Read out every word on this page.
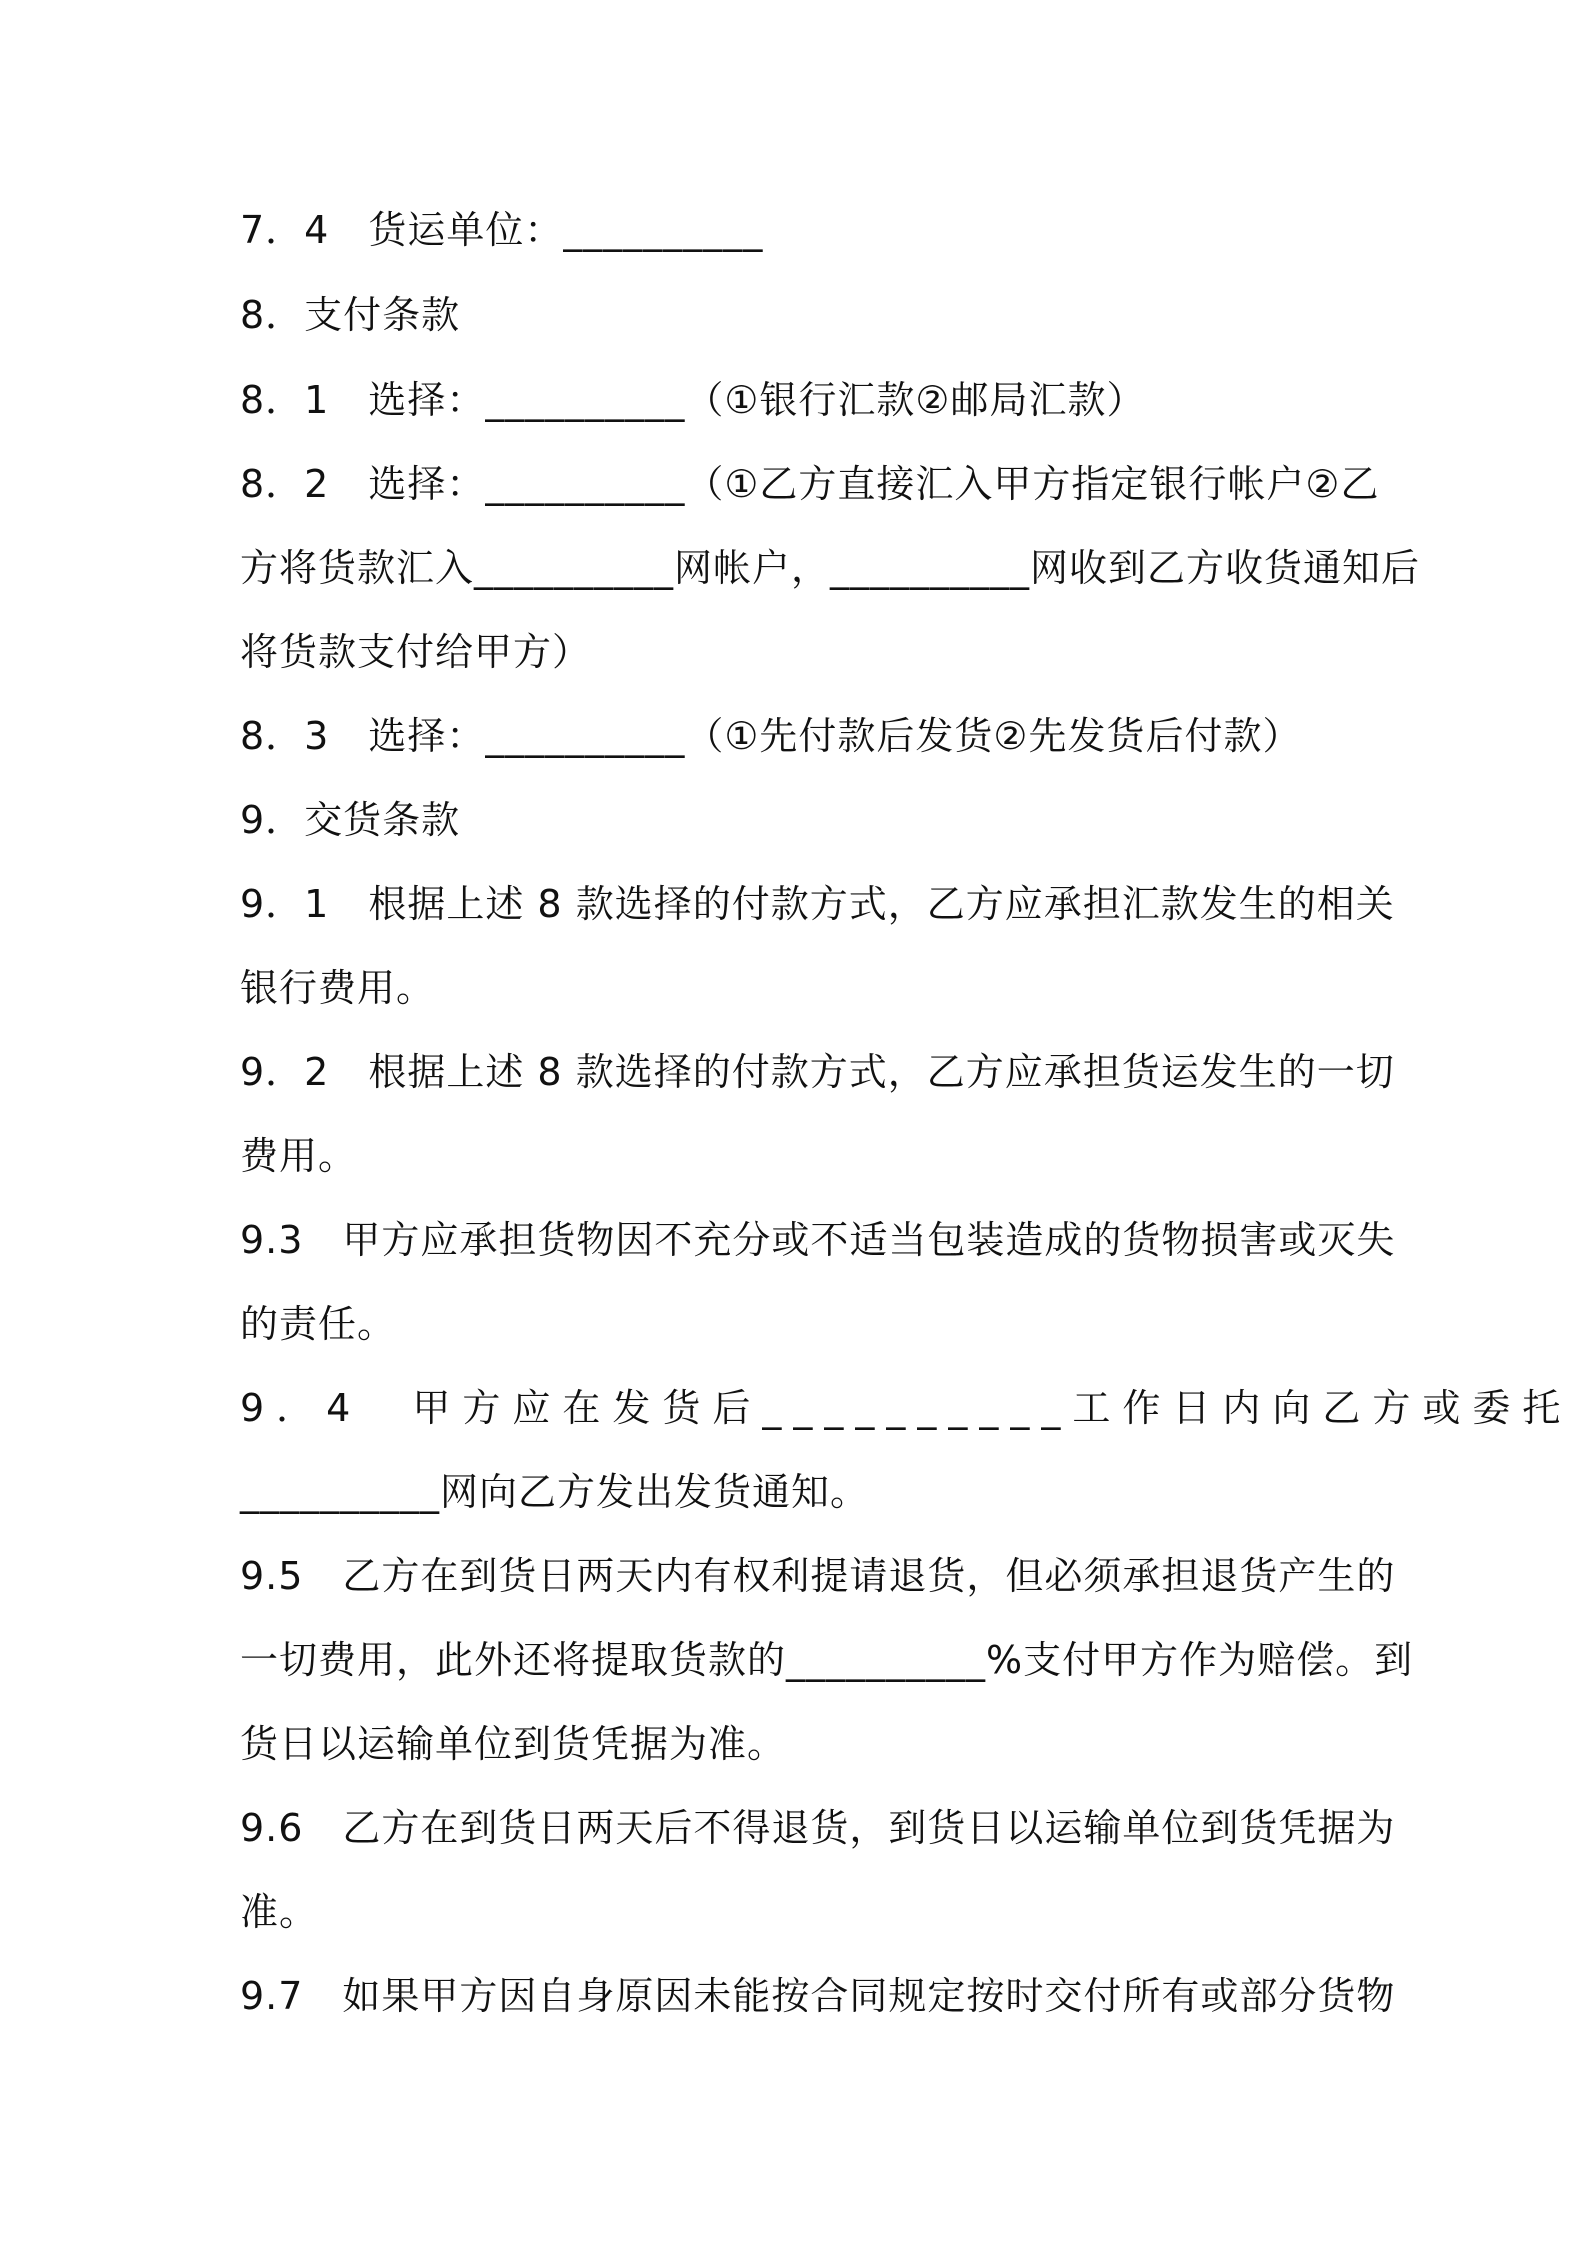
7．4　货运单位：__________
8．支付条款
8．1　选择：__________（①银行汇款②邮局汇款）
8．2　选择：__________（①乙方直接汇入甲方指定银行帐户②乙
方将货款汇入__________网帐户，__________网收到乙方收货通知后
将货款支付给甲方）
8．3　选择：__________（①先付款后发货②先发货后付款）
9．交货条款
9．1　根据上述 8 款选择的付款方式，乙方应承担汇款发生的相关
银行费用。
9．2　根据上述 8 款选择的付款方式，乙方应承担货运发生的一切
费用。
9.3　甲方应承担货物因不充分或不适当包装造成的货物损害或灭失
的责任。
9．4　甲方应在发货后__________工作日内向乙方或委托
__________网向乙方发出发货通知。
9.5　乙方在到货日两天内有权利提请退货，但必须承担退货产生的
一切费用，此外还将提取货款的__________%支付甲方作为赔偿。到
货日以运输单位到货凭据为准。
9.6　乙方在到货日两天后不得退货，到货日以运输单位到货凭据为
准。
9.7　如果甲方因自身原因未能按合同规定按时交付所有或部分货物
